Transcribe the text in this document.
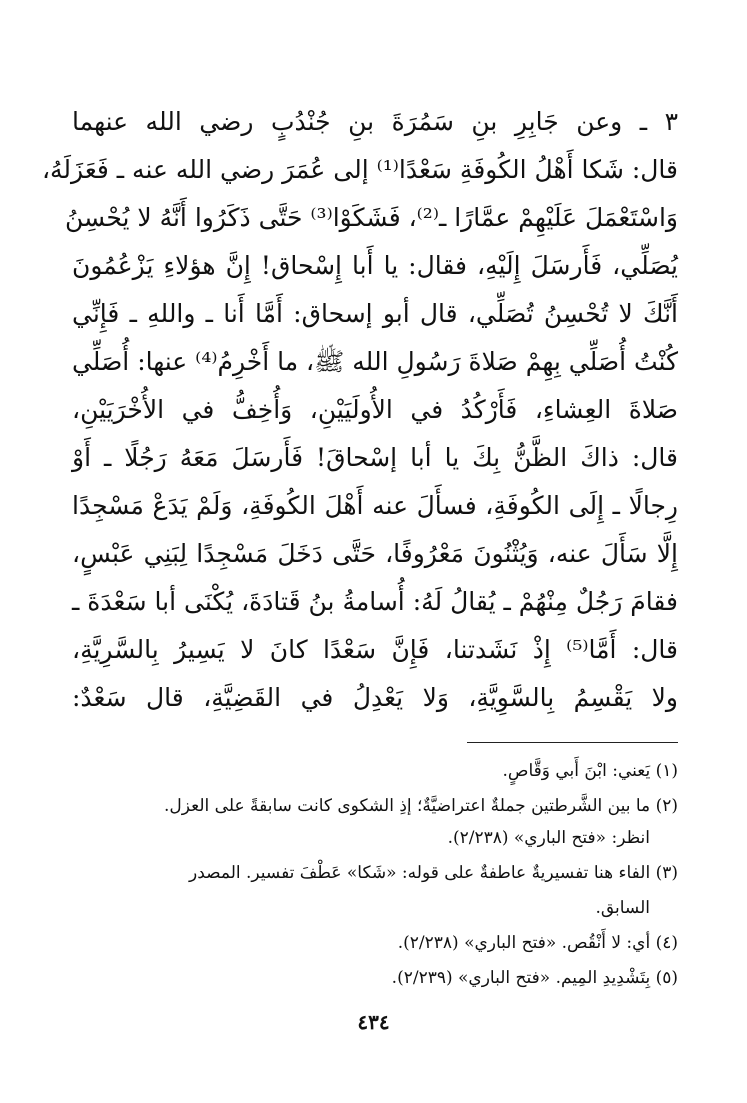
٣ ـ وعن جَابِرِ بنِ سَمُرَةَ بنِ جُنْدُبٍ رضي الله عنهما
قال: شَكا أَهْلُ الكُوفَةِ سَعْدًا⁽¹⁾ إلى عُمَرَ رضي الله عنه ـ فَعَزَلَهُ،
وَاسْتَعْمَلَ عَلَيْهِمْ عمَّارًا ـ⁽²⁾، فَشَكَوْا⁽³⁾ حَتَّى ذَكَرُوا أَنَّهُ لا يُحْسِنُ
يُصَلِّي، فَأَرسَلَ إِلَيْهِ، فقال: يا أَبا إِسْحاق! إِنَّ هؤلاءِ يَزْعُمُونَ
أَنَّكَ لا تُحْسِنُ تُصَلِّي، قال أبو إسحاق: أَمَّا أَنا ـ واللهِ ـ فَإِنِّي
كُنْتُ أُصَلِّي بِهِمْ صَلاةَ رَسُولِ الله ﷺ، ما أَخْرِمُ⁽⁴⁾ عنها: أُصَلِّي
صَلاةَ العِشاءِ، فَأَرْكُدُ في الأُولَيَيْنِ، وَأُخِفُّ في الأُخْرَيَيْنِ،
قال: ذاكَ الظَّنُّ بِكَ يا أبا إسْحاقَ! فَأَرسَلَ مَعَهُ رَجُلًا ـ أَوْ
رِجالًا ـ إِلَى الكُوفَةِ، فسأَلَ عنه أَهْلَ الكُوفَةِ، وَلَمْ يَدَعْ مَسْجِدًا
إِلَّا سَأَلَ عنه، وَيُثْنُونَ مَعْرُوفًا، حَتَّى دَخَلَ مَسْجِدًا لِبَنِي عَبْسٍ،
فقامَ رَجُلٌ مِنْهُمْ ـ يُقالُ لَهُ: أُسامةُ بنُ قَتادَةَ، يُكْنَى أبا سَعْدَةَ ـ
قال: أَمَّا⁽⁵⁾ إِذْ نَشَدتنا، فَإِنَّ سَعْدًا كانَ لا يَسِيرُ بِالسَّرِيَّةِ،
ولا يَقْسِمُ بِالسَّوِيَّةِ، وَلا يَعْدِلُ في القَضِيَّةِ، قال سَعْدٌ:
(١) يَعني: ابْنَ أَبي وَقَّاصٍ.
(٢) ما بين الشَّرطتين جملةٌ اعتراضيَّةٌ؛ إذِ الشكوى كانت سابقةً على العزل.
انظر: «فتح الباري» (٢/٢٣٨).
(٣) الفاء هنا تفسيريةٌ عاطفةٌ على قوله: «شَكا» عَطْفَ تفسير. المصدر
السابق.
(٤) أي: لا أَنْقُص. «فتح الباري» (٢/٢٣٨).
(٥) بِتَشْدِيدِ المِيم. «فتح الباري» (٢/٢٣٩).
٤٣٤
